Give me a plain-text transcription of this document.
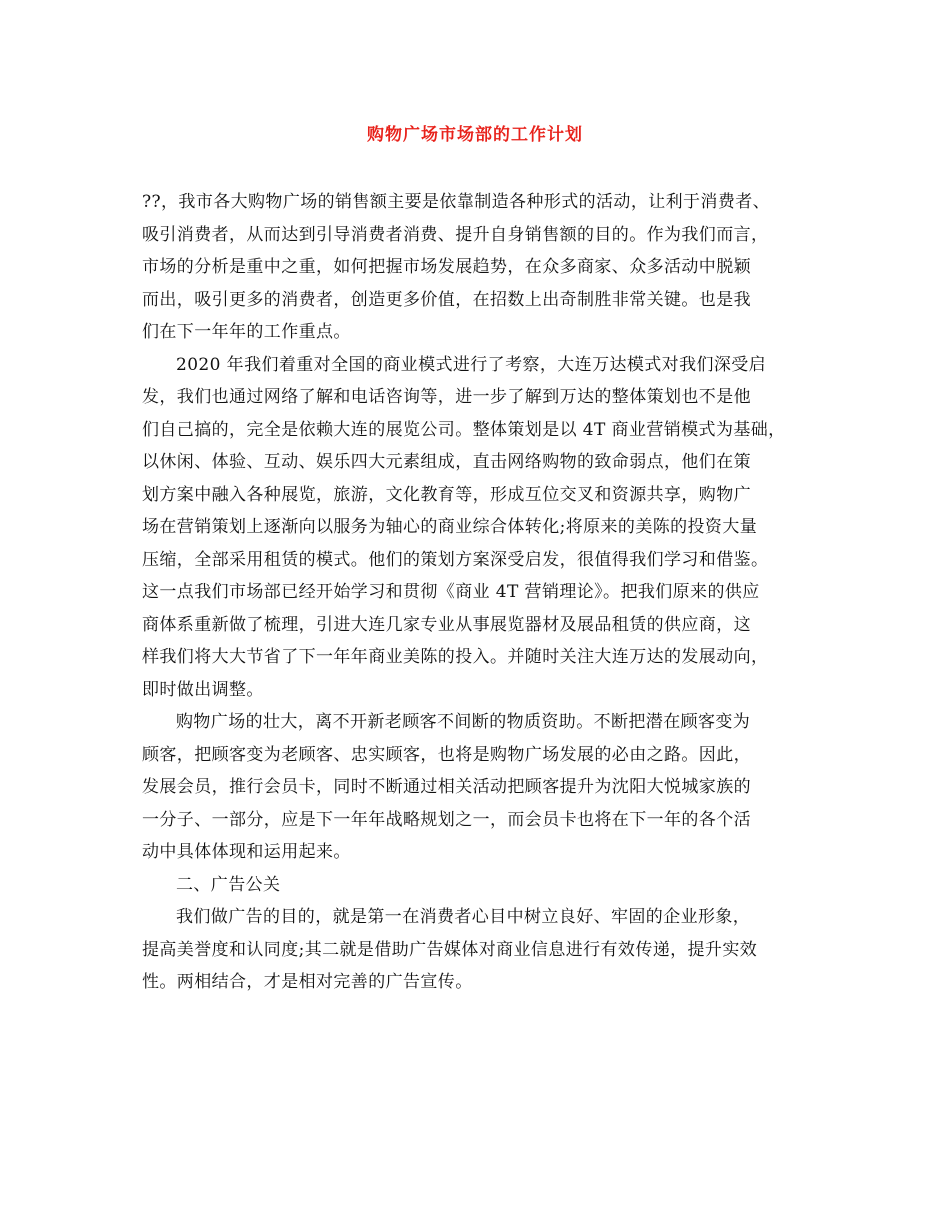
购物广场市场部的工作计划
??，我市各大购物广场的销售额主要是依靠制造各种形式的活动，让利于消费者、
吸引消费者，从而达到引导消费者消费、提升自身销售额的目的。作为我们而言，
市场的分析是重中之重，如何把握市场发展趋势，在众多商家、众多活动中脱颖
而出，吸引更多的消费者，创造更多价值，在招数上出奇制胜非常关键。也是我
们在下一年年的工作重点。
2020 年我们着重对全国的商业模式进行了考察，大连万达模式对我们深受启
发，我们也通过网络了解和电话咨询等，进一步了解到万达的整体策划也不是他
们自己搞的，完全是依赖大连的展览公司。整体策划是以 4T 商业营销模式为基础，
以休闲、体验、互动、娱乐四大元素组成，直击网络购物的致命弱点，他们在策
划方案中融入各种展览，旅游，文化教育等，形成互位交叉和资源共享，购物广
场在营销策划上逐渐向以服务为轴心的商业综合体转化;将原来的美陈的投资大量
压缩，全部采用租赁的模式。他们的策划方案深受启发，很值得我们学习和借鉴。
这一点我们市场部已经开始学习和贯彻《商业 4T 营销理论》。把我们原来的供应
商体系重新做了梳理，引进大连几家专业从事展览器材及展品租赁的供应商，这
样我们将大大节省了下一年年商业美陈的投入。并随时关注大连万达的发展动向，
即时做出调整。
购物广场的壮大，离不开新老顾客不间断的物质资助。不断把潜在顾客变为
顾客，把顾客变为老顾客、忠实顾客，也将是购物广场发展的必由之路。因此，
发展会员，推行会员卡，同时不断通过相关活动把顾客提升为沈阳大悦城家族的
一分子、一部分，应是下一年年战略规划之一，而会员卡也将在下一年的各个活
动中具体体现和运用起来。
二、广告公关
我们做广告的目的，就是第一在消费者心目中树立良好、牢固的企业形象，
提高美誉度和认同度;其二就是借助广告媒体对商业信息进行有效传递，提升实效
性。两相结合，才是相对完善的广告宣传。
